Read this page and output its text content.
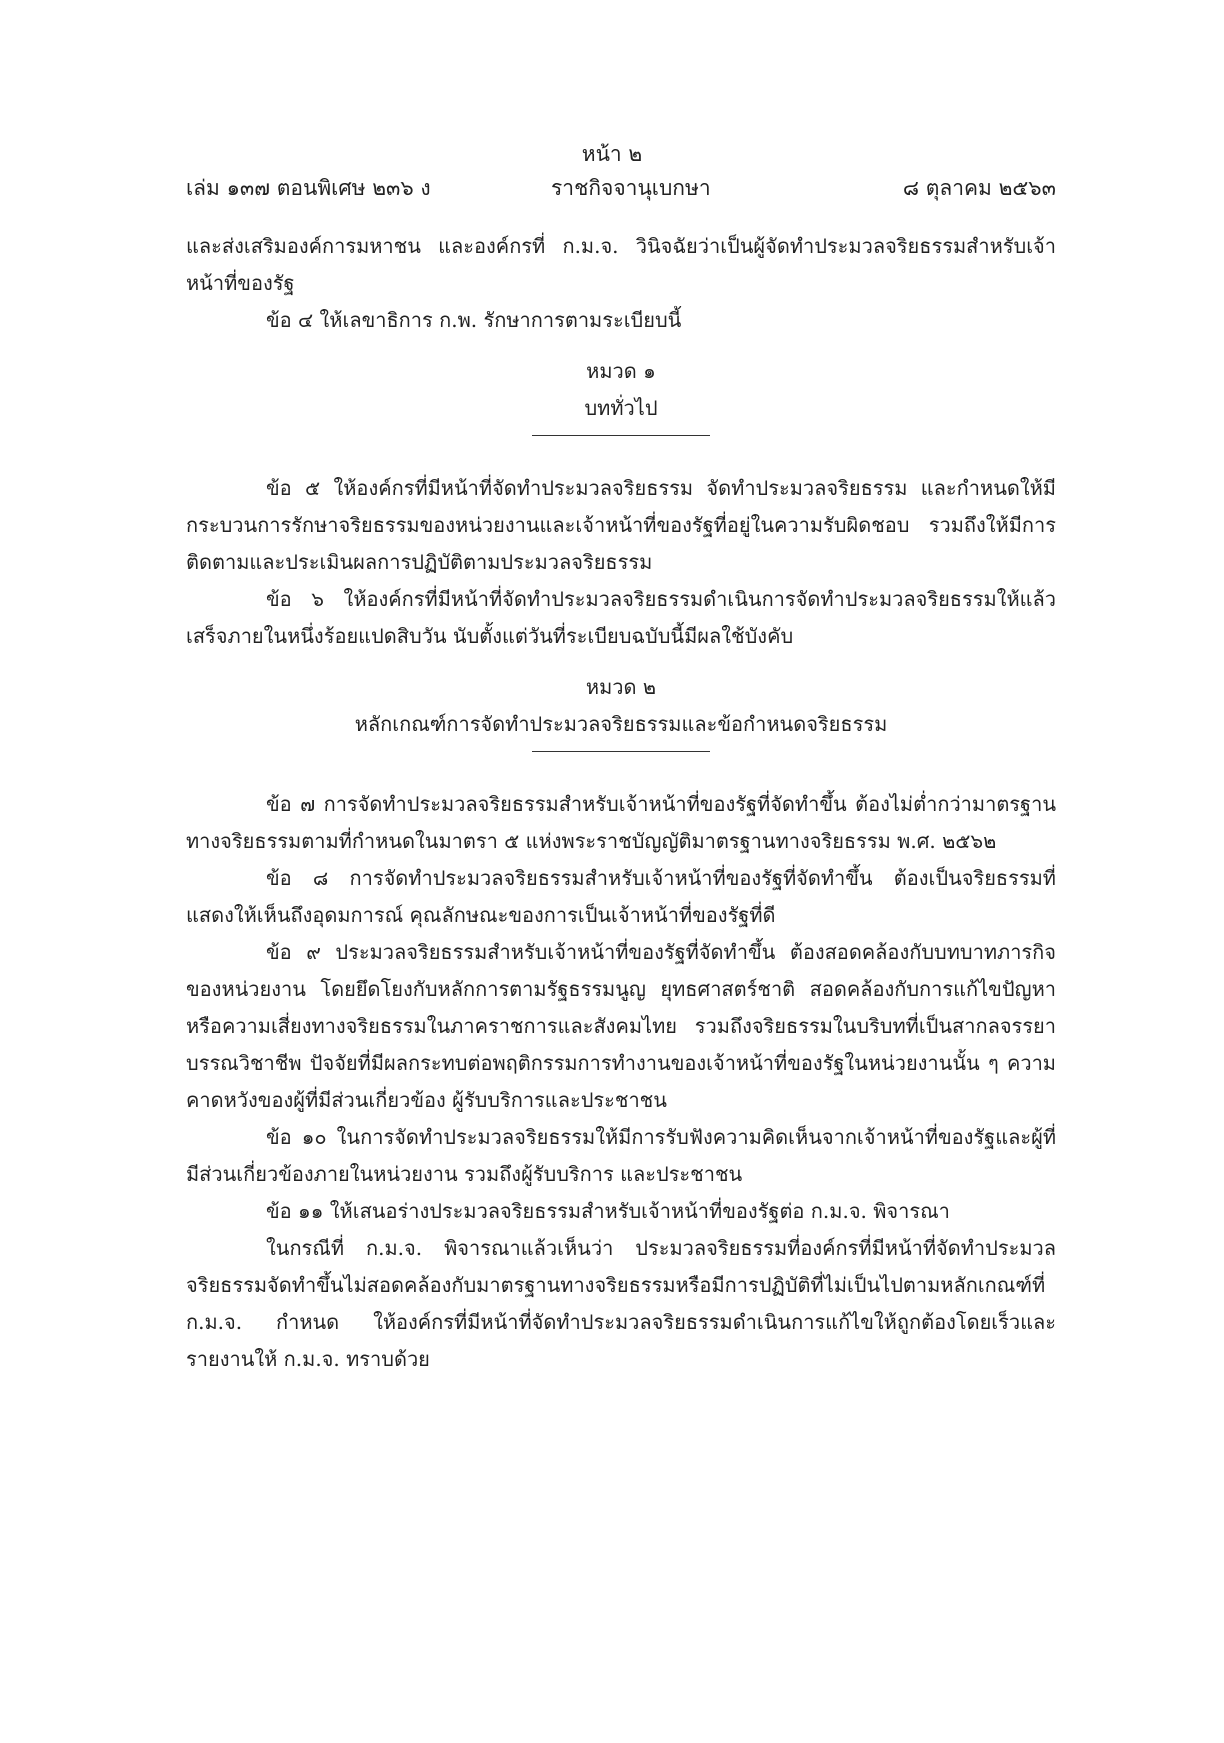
หน้า ๒
เล่ม ๑๓๗ ตอนพิเศษ ๒๓๖ ง	ราชกิจจานุเบกษา	๘ ตุลาคม ๒๕๖๓

และส่งเสริมองค์การมหาชน และองค์กรที่ ก.ม.จ. วินิจฉัยว่าเป็นผู้จัดทำประมวลจริยธรรมสำหรับเจ้าหน้าที่ของรัฐ

ข้อ ๔ ให้เลขาธิการ ก.พ. รักษาการตามระเบียบนี้

หมวด ๑

บททั่วไป

ข้อ ๕ ให้องค์กรที่มีหน้าที่จัดทำประมวลจริยธรรม จัดทำประมวลจริยธรรม และกำหนดให้มีกระบวนการรักษาจริยธรรมของหน่วยงานและเจ้าหน้าที่ของรัฐที่อยู่ในความรับผิดชอบ รวมถึงให้มีการติดตามและประเมินผลการปฏิบัติตามประมวลจริยธรรม

ข้อ ๖ ให้องค์กรที่มีหน้าที่จัดทำประมวลจริยธรรมดำเนินการจัดทำประมวลจริยธรรมให้แล้วเสร็จภายในหนึ่งร้อยแปดสิบวัน นับตั้งแต่วันที่ระเบียบฉบับนี้มีผลใช้บังคับ

หมวด ๒

หลักเกณฑ์การจัดทำประมวลจริยธรรมและข้อกำหนดจริยธรรม

ข้อ ๗ การจัดทำประมวลจริยธรรมสำหรับเจ้าหน้าที่ของรัฐที่จัดทำขึ้น ต้องไม่ต่ำกว่ามาตรฐานทางจริยธรรมตามที่กำหนดในมาตรา ๕ แห่งพระราชบัญญัติมาตรฐานทางจริยธรรม พ.ศ. ๒๕๖๒

ข้อ ๘ การจัดทำประมวลจริยธรรมสำหรับเจ้าหน้าที่ของรัฐที่จัดทำขึ้น ต้องเป็นจริยธรรมที่แสดงให้เห็นถึงอุดมการณ์ คุณลักษณะของการเป็นเจ้าหน้าที่ของรัฐที่ดี

ข้อ ๙ ประมวลจริยธรรมสำหรับเจ้าหน้าที่ของรัฐที่จัดทำขึ้น ต้องสอดคล้องกับบทบาทภารกิจของหน่วยงาน โดยยึดโยงกับหลักการตามรัฐธรรมนูญ ยุทธศาสตร์ชาติ สอดคล้องกับการแก้ไขปัญหาหรือความเสี่ยงทางจริยธรรมในภาคราชการและสังคมไทย รวมถึงจริยธรรมในบริบทที่เป็นสากลจรรยาบรรณวิชาชีพ ปัจจัยที่มีผลกระทบต่อพฤติกรรมการทำงานของเจ้าหน้าที่ของรัฐในหน่วยงานนั้น ๆ ความคาดหวังของผู้ที่มีส่วนเกี่ยวข้อง ผู้รับบริการและประชาชน

ข้อ ๑๐ ในการจัดทำประมวลจริยธรรมให้มีการรับฟังความคิดเห็นจากเจ้าหน้าที่ของรัฐและผู้ที่มีส่วนเกี่ยวข้องภายในหน่วยงาน รวมถึงผู้รับบริการ และประชาชน

ข้อ ๑๑ ให้เสนอร่างประมวลจริยธรรมสำหรับเจ้าหน้าที่ของรัฐต่อ ก.ม.จ. พิจารณา

ในกรณีที่ ก.ม.จ. พิจารณาแล้วเห็นว่า ประมวลจริยธรรมที่องค์กรที่มีหน้าที่จัดทำประมวลจริยธรรมจัดทำขึ้นไม่สอดคล้องกับมาตรฐานทางจริยธรรมหรือมีการปฏิบัติที่ไม่เป็นไปตามหลักเกณฑ์ที่ ก.ม.จ. กำหนด ให้องค์กรที่มีหน้าที่จัดทำประมวลจริยธรรมดำเนินการแก้ไขให้ถูกต้องโดยเร็วและรายงานให้ ก.ม.จ. ทราบด้วย
